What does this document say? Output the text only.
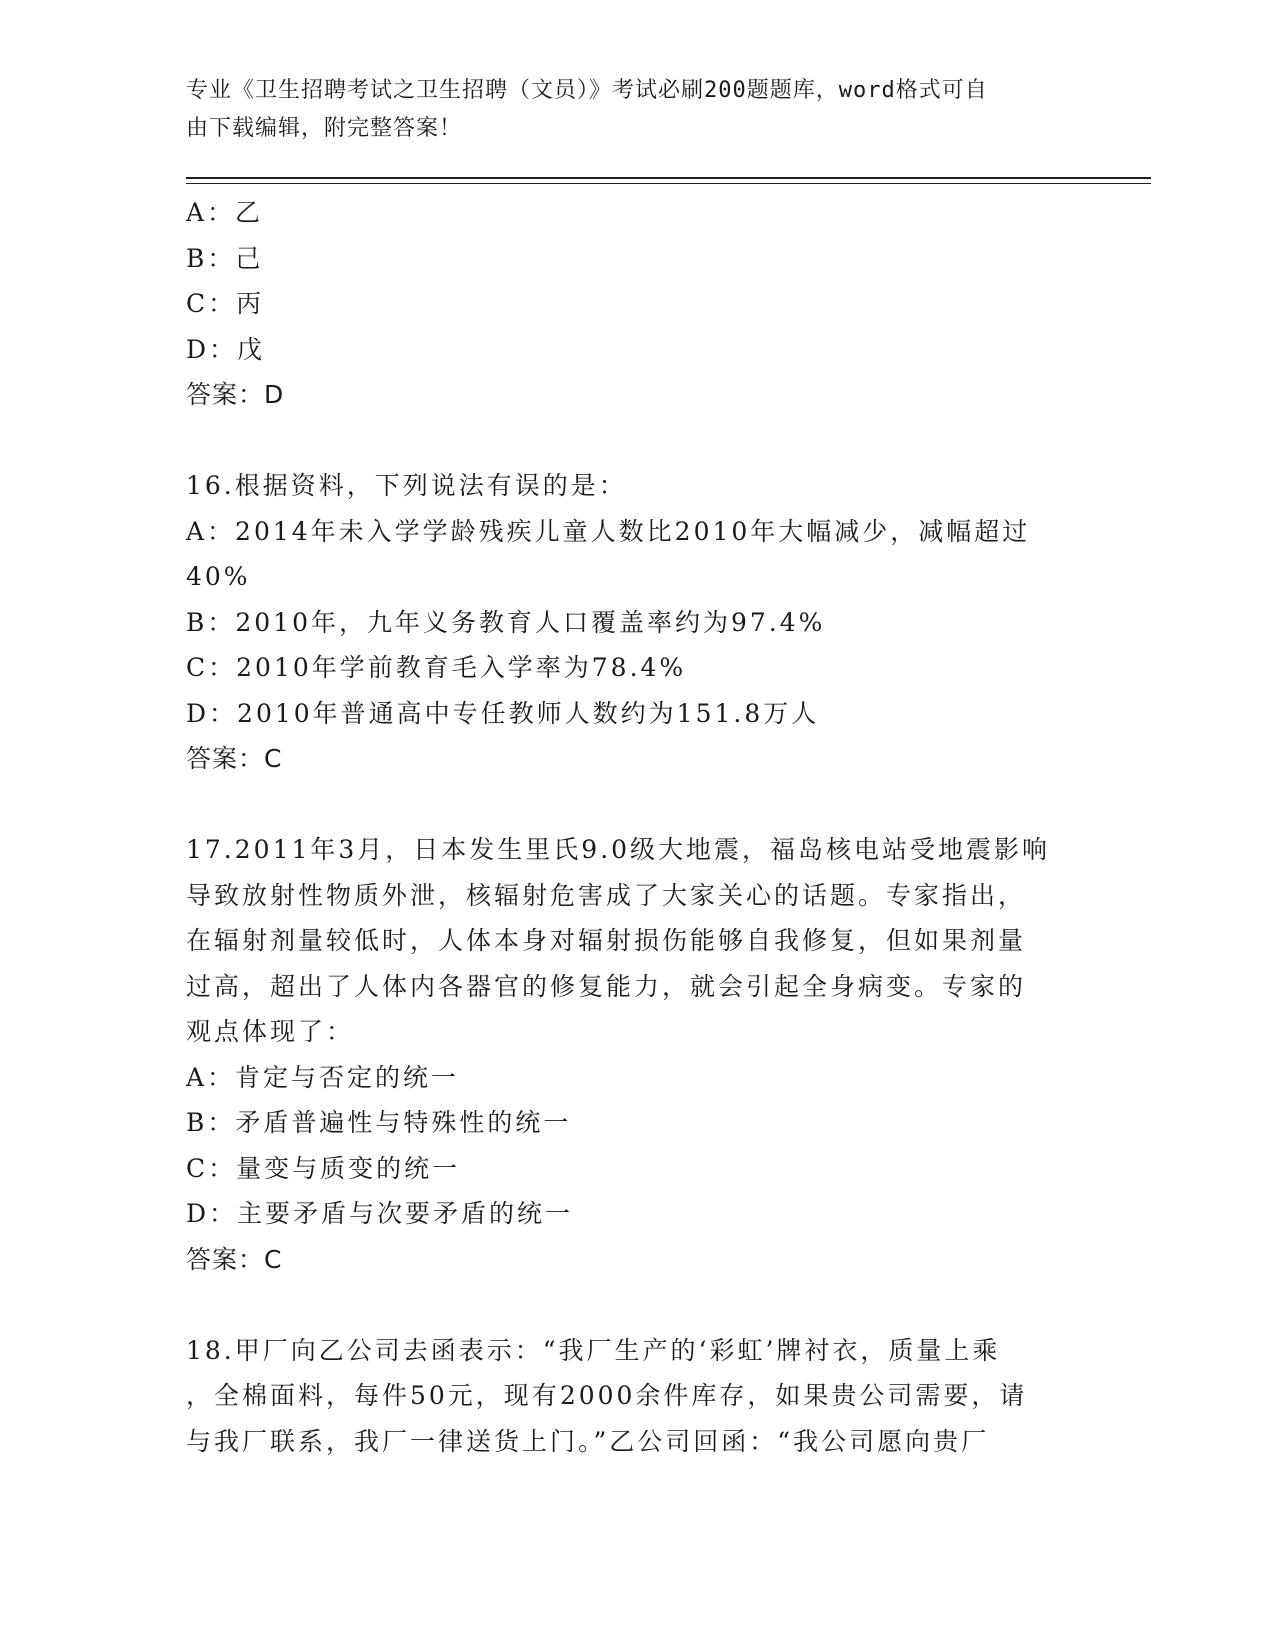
专业《卫生招聘考试之卫生招聘（文员）》考试必刷200题题库，word格式可自
由下载编辑，附完整答案！
A：乙
B：己
C：丙
D：戊
答案：D
16.根据资料，下列说法有误的是：
A：2014年未入学学龄残疾儿童人数比2010年大幅减少，减幅超过
40%
B：2010年，九年义务教育人口覆盖率约为97.4%
C：2010年学前教育毛入学率为78.4%
D：2010年普通高中专任教师人数约为151.8万人
答案：C
17.2011年3月，日本发生里氏9.0级大地震，福岛核电站受地震影响
导致放射性物质外泄，核辐射危害成了大家关心的话题。专家指出，
在辐射剂量较低时，人体本身对辐射损伤能够自我修复，但如果剂量
过高，超出了人体内各器官的修复能力，就会引起全身病变。专家的
观点体现了：
A：肯定与否定的统一
B：矛盾普遍性与特殊性的统一
C：量变与质变的统一
D：主要矛盾与次要矛盾的统一
答案：C
18.甲厂向乙公司去函表示：“我厂生产的‘彩虹’牌衬衣，质量上乘
，全棉面料，每件50元，现有2000余件库存，如果贵公司需要，请
与我厂联系，我厂一律送货上门。”乙公司回函：“我公司愿向贵厂
